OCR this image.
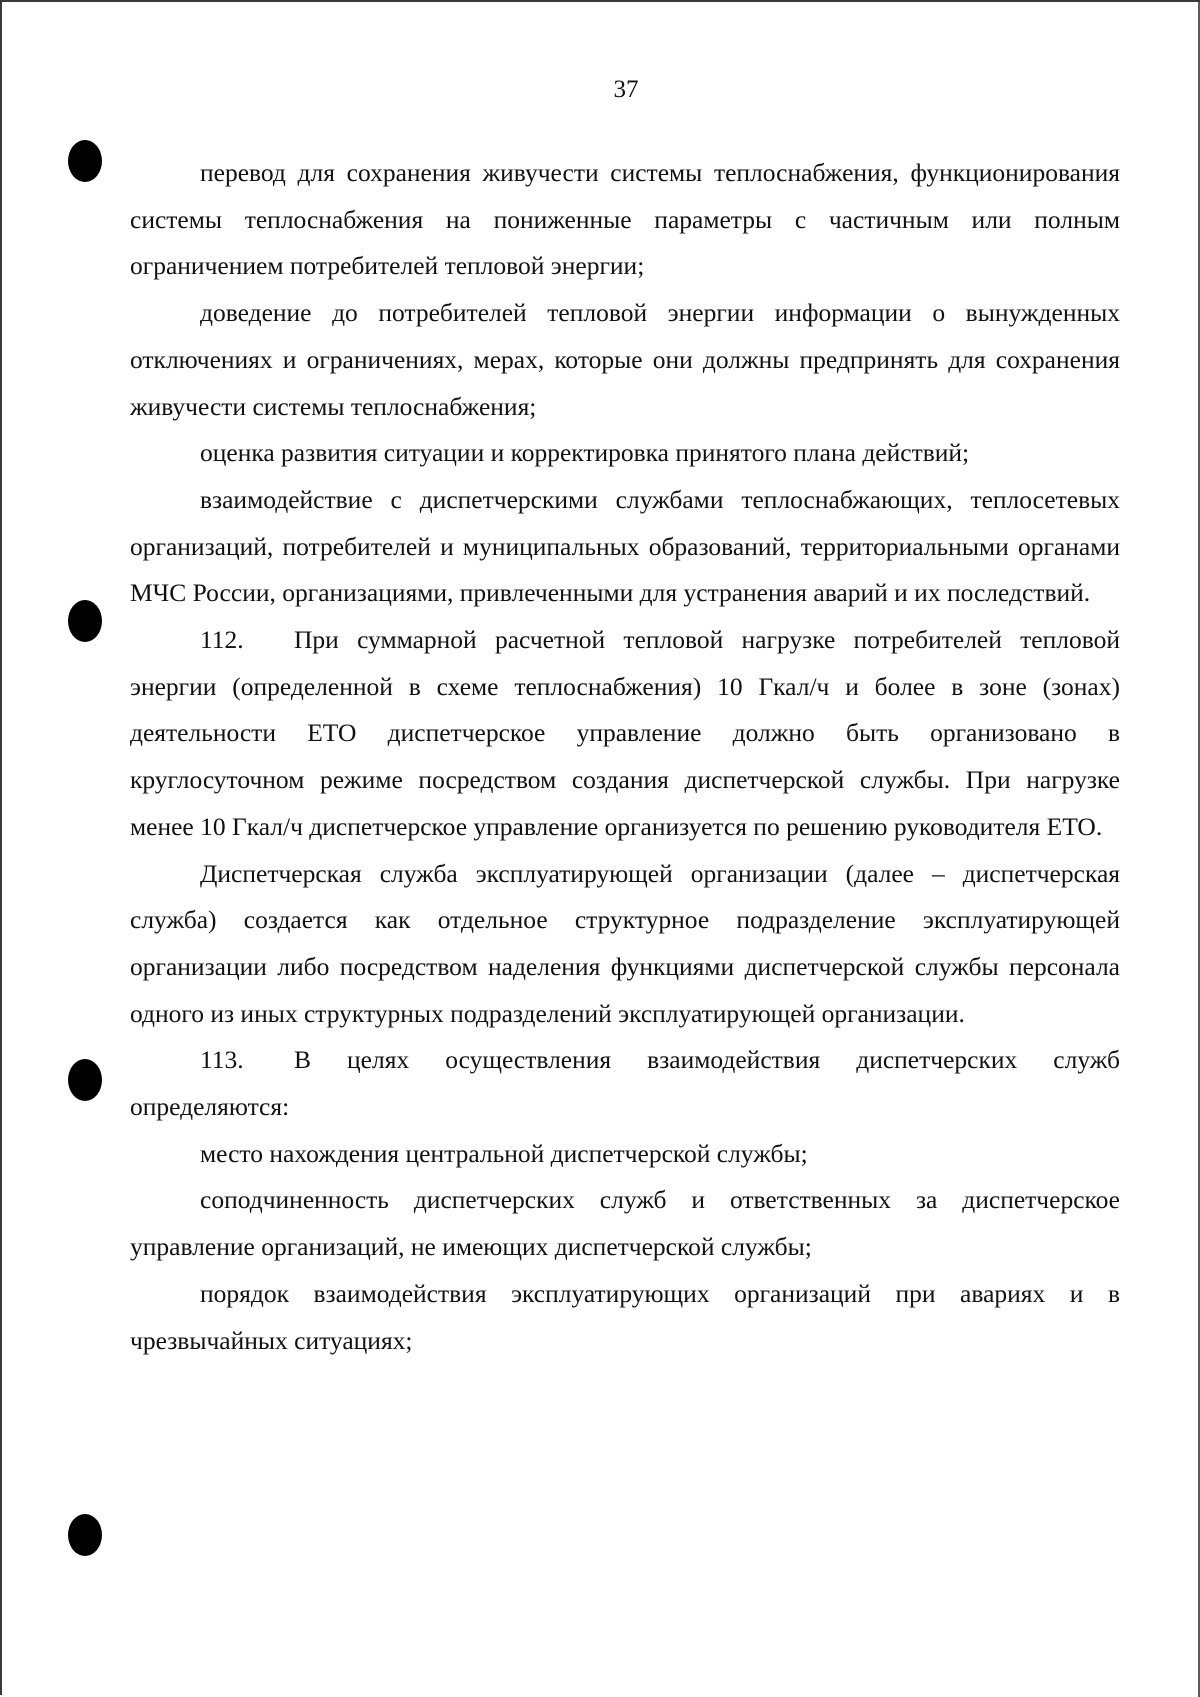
37

перевод для сохранения живучести системы теплоснабжения, функционирования системы теплоснабжения на пониженные параметры с частичным или полным ограничением потребителей тепловой энергии;

доведение до потребителей тепловой энергии информации о вынужденных отключениях и ограничениях, мерах, которые они должны предпринять для сохранения живучести системы теплоснабжения;

оценка развития ситуации и корректировка принятого плана действий;

взаимодействие с диспетчерскими службами теплоснабжающих, теплосетевых организаций, потребителей и муниципальных образований, территориальными органами МЧС России, организациями, привлеченными для устранения аварий и их последствий.

112. При суммарной расчетной тепловой нагрузке потребителей тепловой энергии (определенной в схеме теплоснабжения) 10 Гкал/ч и более в зоне (зонах) деятельности ЕТО диспетчерское управление должно быть организовано в круглосуточном режиме посредством создания диспетчерской службы. При нагрузке менее 10 Гкал/ч диспетчерское управление организуется по решению руководителя ЕТО.

Диспетчерская служба эксплуатирующей организации (далее – диспетчерская служба) создается как отдельное структурное подразделение эксплуатирующей организации либо посредством наделения функциями диспетчерской службы персонала одного из иных структурных подразделений эксплуатирующей организации.

113. В целях осуществления взаимодействия диспетчерских служб определяются:

место нахождения центральной диспетчерской службы;

соподчиненность диспетчерских служб и ответственных за диспетчерское управление организаций, не имеющих диспетчерской службы;

порядок взаимодействия эксплуатирующих организаций при авариях и в чрезвычайных ситуациях;
